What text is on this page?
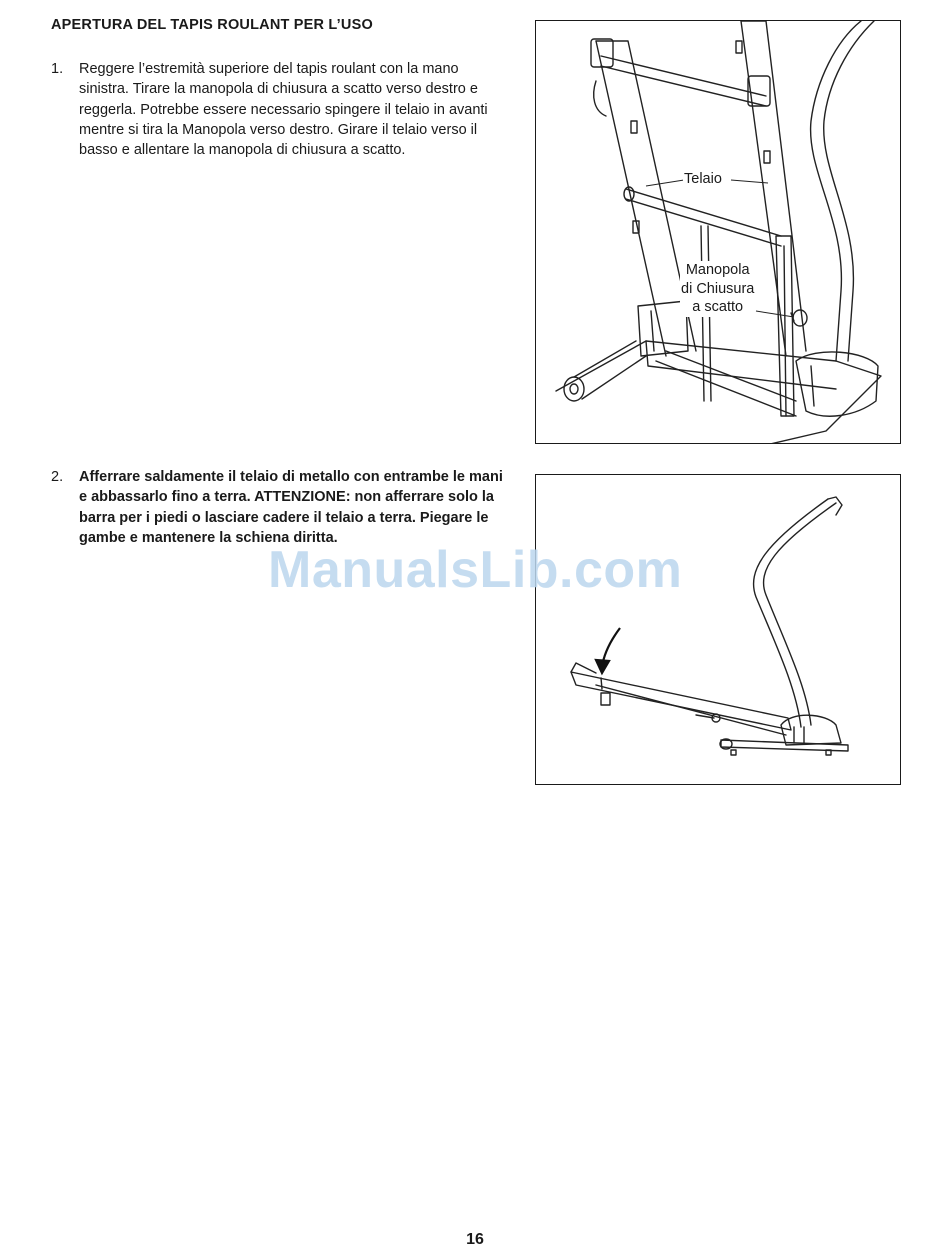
APERTURA DEL TAPIS ROULANT PER L’USO
1. Reggere l’estremità superiore del tapis roulant con la mano sinistra. Tirare la manopola di chiusura a scatto verso destro e reggerla. Potrebbe essere necessario spingere il telaio in avanti mentre si tira la Manopola verso destro. Girare il telaio verso il basso e allentare la manopola di chiusura a scatto.
2. Afferrare saldamente il telaio di metallo con entrambe le mani e abbassarlo fino a terra. ATTENZIONE: non afferrare solo la barra per i piedi o lasciare cadere il telaio a terra. Piegare le gambe e mantenere la schiena diritta.
Telaio
Manopola
di Chiusura
a scatto
ManualsLib.com
16
